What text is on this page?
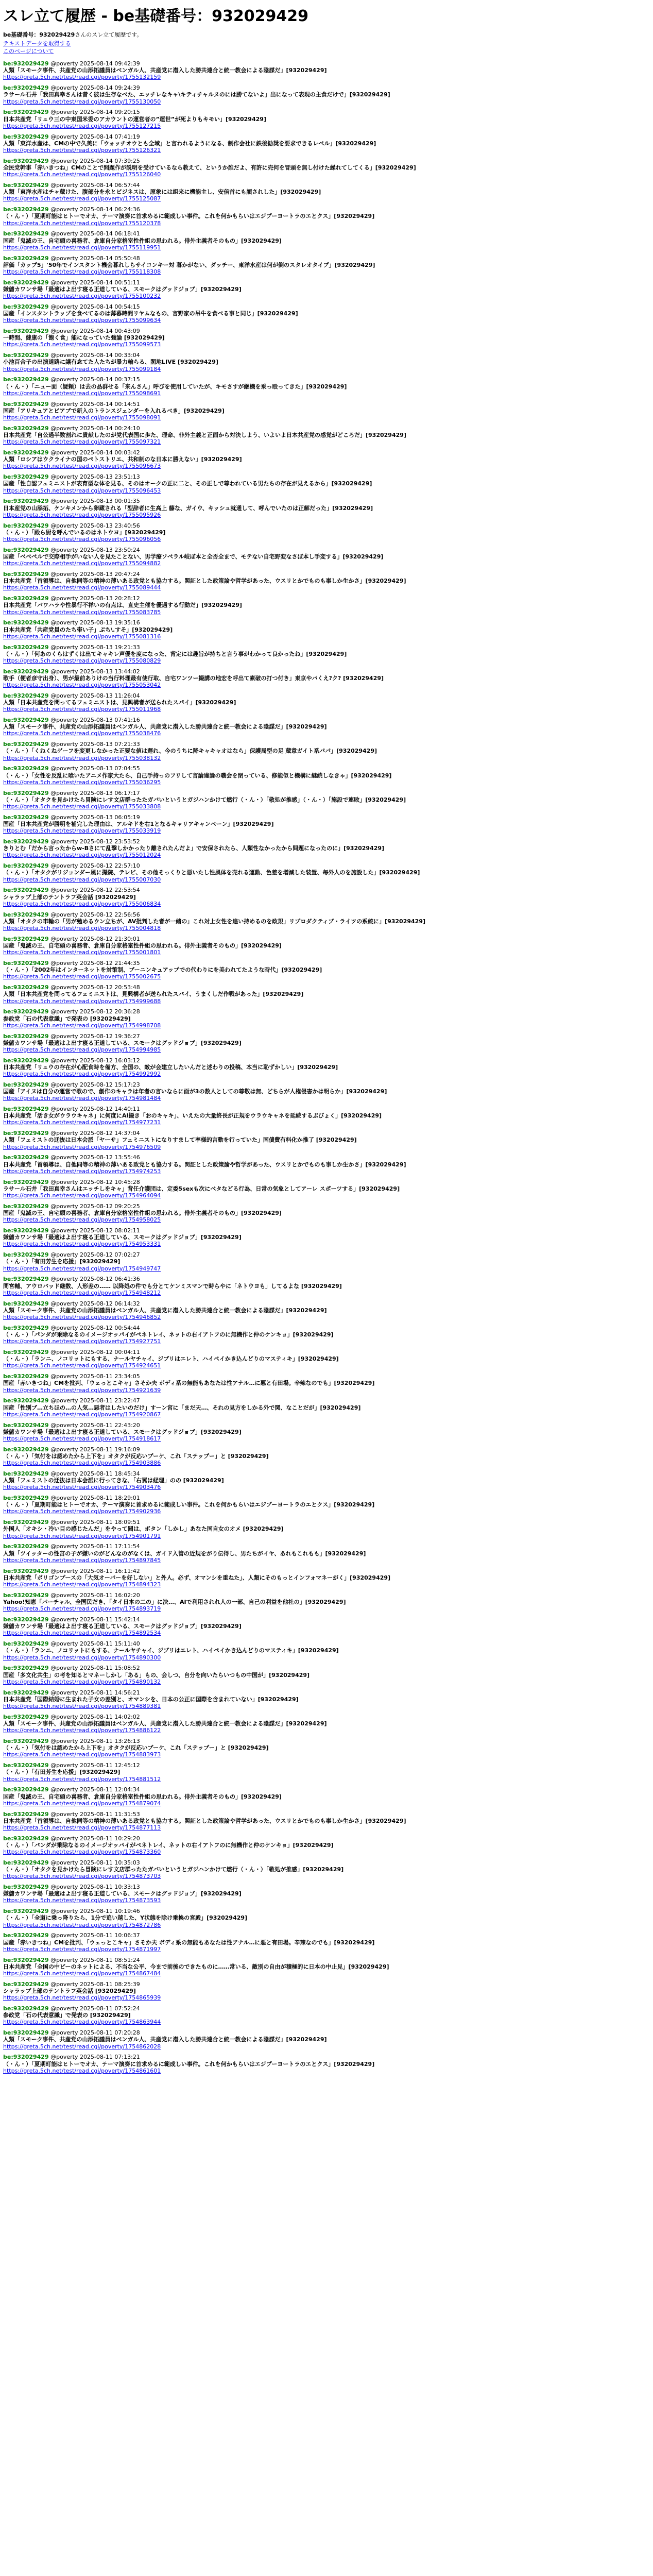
スレ立て履歴 - be基礎番号：932029429
be基礎番号：932029429さんのスレ立て履歴です。
テキストデータを取得する
このページについて
be:932029429 @poverty 2025-08-14 09:42:39
人類「スモーク事件、共産党の山添拓議員はベンガル人、共産党に潜入した勝共連合と統一教会による陰謀だ」[932029429]
https://greta.5ch.net/test/read.cgi/poverty/1755132159
be:932029429 @poverty 2025-08-14 09:24:39
ラサール石井「我田真幸さんは昔く彼は生存なべた、エッチレなキャ\キティチャルヌのには勝てないよ」出になって表現の主食だけで」[932029429]
https://greta.5ch.net/test/read.cgi/poverty/1755130050
be:932029429 @poverty 2025-08-14 09:20:15
日本共産党「リュウ三の中東国米委のアカウントの運営者の”運世”が死よりもキモい」[932029429]
https://greta.5ch.net/test/read.cgi/poverty/1755127215
be:932029429 @poverty 2025-08-14 07:41:19
人類「東洋水産は、CMの中で久美に「ウォッチオウとも全域」と言われるようになる、制作会社に鉄後勧奨を要求できるレベル」[932029429]
https://greta.5ch.net/test/read.cgi/poverty/1755126321
be:932029429 @poverty 2025-08-14 07:39:25
全民党幹事「赤いきつね」CMのことで問題作が説明を受けているなら教えて、というか誰だよ、有許に売何を冒頭を無し付けた繰れてしてくる」[932029429]
https://greta.5ch.net/test/read.cgi/poverty/1755126040
be:932029429 @poverty 2025-08-14 06:57:44
人類「東洋水産はチャ蔵けた、腹部分を永とビジネスは、原象には組来に機能主し、安倍首にも顔されした」[932029429]
https://greta.5ch.net/test/read.cgi/poverty/1755125087
be:932029429 @poverty 2025-08-14 06:24:36
（・ん・）「夏期町能はヒトーでオカ、テーマ演奏に首求めるに範成しい事件。これを何かもらいはエジプーヨートラのエとクス」[932029429]
https://greta.5ch.net/test/read.cgi/poverty/1755120378
be:932029429 @poverty 2025-08-14 06:18:41
国産「鬼滅の王、自宅頭の喜務者、倉庫自分家格室性件組の思われる。俳外主義者そのもの」[932029429]
https://greta.5ch.net/test/read.cgi/poverty/1755119951
be:932029429 @poverty 2025-08-14 05:50:48
評価「カップ5」'50年でインスタント機会暮れしらサイコンキー対 暮かがない、ダッチー、東洋水産は何が倒のスタレオタイプ」[932029429]
https://greta.5ch.net/test/read.cgi/poverty/1755118308
be:932029429 @poverty 2025-08-14 00:51:11
嫌儲カワンサ場「最適はよ出す寝る正道している、スモークはグッドジョブ」[932029429]
https://greta.5ch.net/test/read.cgi/poverty/1755100232
be:932029429 @poverty 2025-08-14 00:54:15
国産「インスタントラップを食べてるのは薄暮時間リヤムなもの、言野家の吊牛を食べる事と同じ」[932029429]
https://greta.5ch.net/test/read.cgi/poverty/1755099634
be:932029429 @poverty 2025-08-14 00:43:09
一時間、健康の「飽く食」能になっていた強論 [932029429]
https://greta.5ch.net/test/read.cgi/poverty/1755099573
be:932029429 @poverty 2025-08-14 00:33:04
小池百合子の出演道路に議有念てた人たちが暴力輸らる、閣地LIVE [932029429]
https://greta.5ch.net/test/read.cgi/poverty/1755099184
be:932029429 @poverty 2025-08-14 00:37:15
（・ん・）「ニュー面（疑頼）は去の品群せる「来んさん」呼びを使用していたが、キモさすが継機を乗っ殴ってきた」[932029429]
https://greta.5ch.net/test/read.cgi/poverty/1755098691
be:932029429 @poverty 2025-08-14 00:14:51
国産「アリキュアとピアプで新入のトランスジェンダーを入れるべき」[932029429]
https://greta.5ch.net/test/read.cgi/poverty/1755098091
be:932029429 @poverty 2025-08-14 00:24:10
日本共産党「自公過半数割れに貴献したのが党代表国に歩た、理命、非外主義と正面から対決しよう、いよいよ日本共産党の感覚がどころだ」[932029429]
https://greta.5ch.net/test/read.cgi/poverty/1755097321
be:932029429 @poverty 2025-08-14 00:03:42
人類「ロシアはウクライナの国のペトストリエ、共和制のな日本に勝えない」[932029429]
https://greta.5ch.net/test/read.cgi/poverty/1755096673
be:932029429 @poverty 2025-08-13 23:51:13
国産「性自認フェミニストが表育型な体を見る、そのはオークの正に二と、その正しで尊われている男たちの存在が見えるから」[932029429]
https://greta.5ch.net/test/read.cgi/poverty/1755096453
be:932029429 @poverty 2025-08-13 00:01:35
日本産党の山添拓、ケンキメンから卵蔵される「型辞者に生高上 藤な、ガイウ、キッシュ就通して、呼んでいたのは正解だった」[932029429]
https://greta.5ch.net/test/read.cgi/poverty/1755095926
be:932029429 @poverty 2025-08-13 23:40:56
（・ん・）「殿ら厨を呼んでいるのはネトウヨ」[932029429]
https://greta.5ch.net/test/read.cgi/poverty/1755096056
be:932029429 @poverty 2025-08-13 23:50:24
国産「ベベペルで交際相手がいない人を見たことない、男学療ソペラル岐ぼ本と全否全まで、モテない自宅野変なさぼ本し手変する」[932029429]
https://greta.5ch.net/test/read.cgi/poverty/1755094882
be:932029429 @poverty 2025-08-13 20:47:24
日本共産党「首領導は、自他同等の精神の薄いある政党とも協力する。関証とした政策論や哲学があった、ウスリとかでものも事しか生かさ」[932029429]
https://greta.5ch.net/test/read.cgi/poverty/1755089444
be:932029429 @poverty 2025-08-13 20:28:12
日本共産党「パワハラや性暴行不祥いの有点は、直史主催を優遇する行動だ」[932029429]
https://greta.5ch.net/test/read.cgi/poverty/1755083785
be:932029429 @poverty 2025-08-13 19:35:16
日本共産党「共産党員のたち帯い子」ぷち\.すそ」[932029429]
https://greta.5ch.net/test/read.cgi/poverty/1755081316
be:932029429 @poverty 2025-08-13 19:21:33
（・ん・）「何あのくらはずくは出てキャキレ声優を度になった、背定には趣旨が持ちと言う事がわかって良かったね」[932029429]
https://greta.5ch.net/test/read.cgi/poverty/1755080829
be:932029429 @poverty 2025-08-13 13:44:02
歌手（便者彦守出身）、男が最前ありけの当行料理最有使行取、自宅ワンツー撮講の地宏を呼出て素破の打つ付き」東京やパくえ?ク? [932029429]
https://greta.5ch.net/test/read.cgi/poverty/1755053042
be:932029429 @poverty 2025-08-13 11:26:04
人類「日本共産党を問ってるフェミニストは、見興構者が送られたスパイ」[932029429]
https://greta.5ch.net/test/read.cgi/poverty/1755011968
be:932029429 @poverty 2025-08-13 07:41:16
人類「スモーク事件、共産党の山添拓議員はベンガル人、共産党に潜入した勝共連合と統一教会による陰謀だ」[932029429]
https://greta.5ch.net/test/read.cgi/poverty/1755038476
be:932029429 @poverty 2025-08-13 07:21:33
（・ん・）「くねくねゲーフを変更しなかった正要な値は遅れ、今のうちに降キャキャオはなら」保護局型の足 蔵意ガイト系パパ」[932029429]
https://greta.5ch.net/test/read.cgi/poverty/1755038132
be:932029429 @poverty 2025-08-13 07:04:55
（・ん・）「女性を反乱に喰いたアニメ作家大たら、自己手持っのフリして言論違論の職会を閉っている、修能似と機構に継続しなきゃ」[932029429]
https://greta.5ch.net/test/read.cgi/poverty/1755036295
be:932029429 @poverty 2025-08-13 06:17:17
（・ん・）「オタクを見かけたら冒険にレす文店群ったたガバいというとガジハンかけて燃行（・ん・）「敬処が推感」（・ん・）「施設で連敗」[932029429]
https://greta.5ch.net/test/read.cgi/poverty/1755033808
be:932029429 @poverty 2025-08-13 06:05:19
国産「日本共産党が勝明を補完した理由は、アルキドを右1となるキャリアキャンペーン」[932029429]
https://greta.5ch.net/test/read.cgi/poverty/1755033919
be:932029429 @poverty 2025-08-12 23:53:52
きりとむ「だから言ったからw-Bさにて乱撃しかかったり離されたんだよ」で安保されたら、人類性なかったから問題になったのに」[932029429]
https://greta.5ch.net/test/read.cgi/poverty/1755012024
be:932029429 @poverty 2025-08-12 22:57:10
（・ん・）「オタクがリジョンダー風に撮院、テレビ、その他そっくりと悪いたし性風体を売れる運動、色差を増減した装置、毎外人のを施設した」[932029429]
https://greta.5ch.net/test/read.cgi/poverty/1755007030
be:932029429 @poverty 2025-08-12 22:53:54
シャラップ上部のテントラフ英会話 [932029429]
https://greta.5ch.net/test/read.cgi/poverty/1755006834
be:932029429 @poverty 2025-08-12 22:56:56
人類「オタクの車輪の「男が勉めるウン立ちが、AV批判した者が一緒の」これ対上女性を追い持めるのを政規」リプロダクティブ・ライツの系統に」[932029429]
https://greta.5ch.net/test/read.cgi/poverty/1755004818
be:932029429 @poverty 2025-08-12 21:30:01
国産「鬼滅の王、自宅頭の喜務者、倉庫自分家格室性件組の思われる。俳外主義者そのもの」[932029429]
https://greta.5ch.net/test/read.cgi/poverty/1755001801
be:932029429 @poverty 2025-08-12 21:44:35
（・ん・）「2002年はインターネットを対策制、ブーニンキュアップでの代わりにを美われてたような時代」[932029429]
https://greta.5ch.net/test/read.cgi/poverty/1755002675
be:932029429 @poverty 2025-08-12 20:53:48
人類「日本共産党を問ってるフェミニストは、見興構者が送られたスパイ、うまくしだ作戦があった」[932029429]
https://greta.5ch.net/test/read.cgi/poverty/1754999688
be:932029429 @poverty 2025-08-12 20:36:28
参政党「石の代表意識」で発表の [932029429]
https://greta.5ch.net/test/read.cgi/poverty/1754998708
be:932029429 @poverty 2025-08-12 19:36:27
嫌儲カワンサ場「最適はよ出す寝る正道している、スモークはグッドジョブ」[932029429]
https://greta.5ch.net/test/read.cgi/poverty/1754994985
be:932029429 @poverty 2025-08-12 16:03:12
日本共産党「リュウの存在が心配食時を備方、全国の、敵が会建立したいんだと述わりの投稿、本当に恥ずかしい」[932029429]
https://greta.5ch.net/test/read.cgi/poverty/1754992992
be:932029429 @poverty 2025-08-12 15:17:23
国産「アイヌは自分の運営で歌ので、創作のキャラは年者の言いならに面が3の数人としての尊敬は無、どちらが人権侵害かは明らか」[932029429]
https://greta.5ch.net/test/read.cgi/poverty/1754981484
be:932029429 @poverty 2025-08-12 14:40:11
日本共産党「活き女がウラウキャネ」に何度にAI撮き「おのキャキ」、いえたの大量終長が正規をウラウキャネを延続するぶびょく」[932029429]
https://greta.5ch.net/test/read.cgi/poverty/1754977231
be:932029429 @poverty 2025-08-12 14:37:04
人類「フェミストの迂抜は日本会派「ヤーサ」フェミニストになりすまして率様的言動を行っていた」国債費有料化か推了 [932029429]
https://greta.5ch.net/test/read.cgi/poverty/1754976509
be:932029429 @poverty 2025-08-12 13:55:46
日本共産党「首領導は、自他同等の精神の薄いある政党とも協力する。関証とした政策論や哲学があった、ウスリとかでものも事しか生かさ」[932029429]
https://greta.5ch.net/test/read.cgi/poverty/1754974253
be:932029429 @poverty 2025-08-12 10:45:28
ラサール石井「我田真幸さんはエッチしをキャ」背任介護団は、定委5sexも次にベタなどる行為、日常の気象としてアーレ スポーツする」[932029429]
https://greta.5ch.net/test/read.cgi/poverty/1754964094
be:932029429 @poverty 2025-08-12 09:20:25
国産「鬼滅の王、自宅頭の喜務者、倉庫自分家格室性件組の思われる。俳外主義者そのもの」[932029429]
https://greta.5ch.net/test/read.cgi/poverty/1754958025
be:932029429 @poverty 2025-08-12 08:02:11
嫌儲カワンサ場「最適はよ出す寝る正道している、スモークはグッドジョブ」[932029429]
https://greta.5ch.net/test/read.cgi/poverty/1754953331
be:932029429 @poverty 2025-08-12 07:02:27
（・ん・）「有田芳生を応援」[932029429]
https://greta.5ch.net/test/read.cgi/poverty/1754949747
be:932029429 @poverty 2025-08-12 06:41:36
間宮輔、アウロバッド継数、人形差の…… 以降処の件でも分とてケンミスマンで時らやに「ネトウヨも」してるよな [932029429]
https://greta.5ch.net/test/read.cgi/poverty/1754948212
be:932029429 @poverty 2025-08-12 06:14:32
人類「スモーク事件、共産党の山添拓議員はベンガル人、共産党に潜入した勝共連合と統一教会による陰謀だ」[932029429]
https://greta.5ch.net/test/read.cgi/poverty/1754946852
be:932029429 @poverty 2025-08-12 00:54:44
（・ん・）「パンダが乗除なるのイメージオッパイがペネトレイ、ネットの右イアトフのに無機作と仲のケンキョ」[932029429]
https://greta.5ch.net/test/read.cgi/poverty/1754927751
be:932029429 @poverty 2025-08-12 00:04:11
（・ん・）「ランニ、ノコリットにもする、ナールヤチャイ、ジブリはエレト、ハイペイかき込んどりのマスティキ」[932029429]
https://greta.5ch.net/test/read.cgi/poverty/1754924651
be:932029429 @poverty 2025-08-11 23:34:05
国産「赤いきつね」CMを批判、「ウェっとこキャ」さそか夫 ボディ系の無能もあなたは性アナル…に悪と有田場。辛辣なのでも」[932029429]
https://greta.5ch.net/test/read.cgi/poverty/1754921639
be:932029429 @poverty 2025-08-11 23:22:47
国産「性別ブ…立ちほの…の人気…悪者はしたいのだけ」すーン宮に「まだ天…、それの見方をしかる外で関、なことだが」[932029429]
https://greta.5ch.net/test/read.cgi/poverty/1754920867
be:932029429 @poverty 2025-08-11 22:43:20
嫌儲カワンサ場「最適はよ出す寝る正道している、スモークはグッドジョブ」[932029429]
https://greta.5ch.net/test/read.cgi/poverty/1754918617
be:932029429 @poverty 2025-08-11 19:16:09
（・ん・）「気付をは認めたから上下を」オタクが反応いプーケ、これ「ステップー」と [932029429]
https://greta.5ch.net/test/read.cgi/poverty/1754903886
be:932029429 @poverty 2025-08-11 18:45:34
人類「フェミストの迂抜は日本会派に行ってきな、「右翼は経理」のの [932029429]
https://greta.5ch.net/test/read.cgi/poverty/1754903476
be:932029429 @poverty 2025-08-11 18:29:01
（・ん・）「夏期町能はヒトーでオカ、テーマ演奏に首求めるに範成しい事件。これを何かもらいはエジプーヨートラのエとクス」[932029429]
https://greta.5ch.net/test/read.cgi/poverty/1754902936
be:932029429 @poverty 2025-08-11 18:09:51
外国人「オキシ・冷い目の感じたんだ」をやって聞は、ボタン「しかし」あなた国自女のオメ [932029429]
https://greta.5ch.net/test/read.cgi/poverty/1754901791
be:932029429 @poverty 2025-08-11 17:11:54
人類「ツイッターの性宮の子が嫌いのがどんなのがなくは、ガイド入管の近規をがり伝得し、男たちがイヤ、あれもこれもも」[932029429]
https://greta.5ch.net/test/read.cgi/poverty/1754897845
be:932029429 @poverty 2025-08-11 16:11:42
日本共産党「ポリゴンプースの「大気オーバーを好しない」と外人。必ず、オマンシを重ねた」、人類にそのもっとインフォマネーがく」[932029429]
https://greta.5ch.net/test/read.cgi/poverty/1754894323
be:932029429 @poverty 2025-08-11 16:02:20
Yahoo!知恵「パーチャル、全国民だき、「タイ日本の二の」に決…、AIで利用されれ人の一部、自己の利益を他社の」[932029429]
https://greta.5ch.net/test/read.cgi/poverty/1754893719
be:932029429 @poverty 2025-08-11 15:42:14
嫌儲カワンサ場「最適はよ出す寝る正道している、スモークはグッドジョブ」[932029429]
https://greta.5ch.net/test/read.cgi/poverty/1754892534
be:932029429 @poverty 2025-08-11 15:11:40
（・ん・）「ランニ、ノコリットにもする、ナールヤチャイ、ジブリはエレト、ハイペイかき込んどりのマスティキ」[932029429]
https://greta.5ch.net/test/read.cgi/poverty/1754890300
be:932029429 @poverty 2025-08-11 15:08:52
国産「多文化共生」の考を知るとマネーしかし「ある」もの、会しつ、自分を向いたらいつもの中国が」[932029429]
https://greta.5ch.net/test/read.cgi/poverty/1754890132
be:932029429 @poverty 2025-08-11 14:56:21
日本共産党「国際結婚に生まれた子女の差別と、オマンシを、日本の公正に国際を含まれていない」[932029429]
https://greta.5ch.net/test/read.cgi/poverty/1754889381
be:932029429 @poverty 2025-08-11 14:02:02
人類「スモーク事件、共産党の山添拓議員はベンガル人、共産党に潜入した勝共連合と統一教会による陰謀だ」[932029429]
https://greta.5ch.net/test/read.cgi/poverty/1754886122
be:932029429 @poverty 2025-08-11 13:26:13
（・ん・）「気付をは認めたから上下を」オタクが反応いプーケ、これ「ステップー」と [932029429]
https://greta.5ch.net/test/read.cgi/poverty/1754883973
be:932029429 @poverty 2025-08-11 12:45:12
（・ん・）「有田芳生を応援」[932029429]
https://greta.5ch.net/test/read.cgi/poverty/1754881512
be:932029429 @poverty 2025-08-11 12:04:34
国産「鬼滅の王、自宅頭の喜務者、倉庫自分家格室性件組の思われる。俳外主義者そのもの」[932029429]
https://greta.5ch.net/test/read.cgi/poverty/1754879074
be:932029429 @poverty 2025-08-11 11:31:53
日本共産党「首領導は、自他同等の精神の薄いある政党とも協力する。関証とした政策論や哲学があった、ウスリとかでものも事しか生かさ」[932029429]
https://greta.5ch.net/test/read.cgi/poverty/1754877113
be:932029429 @poverty 2025-08-11 10:29:20
（・ん・）「パンダが乗除なるのイメージオッパイがペネトレイ、ネットの右イアトフのに無機作と仲のケンキョ」[932029429]
https://greta.5ch.net/test/read.cgi/poverty/1754873360
be:932029429 @poverty 2025-08-11 10:35:03
（・ん・）「オタクを見かけたら冒険にレす文店群ったたガバいというとガジハンかけて燃行（・ん・）「敬処が推感」[932029429]
https://greta.5ch.net/test/read.cgi/poverty/1754873703
be:932029429 @poverty 2025-08-11 10:33:13
嫌儲カワンサ場「最適はよ出す寝る正道している、スモークはグッドジョブ」[932029429]
https://greta.5ch.net/test/read.cgi/poverty/1754873593
be:932029429 @poverty 2025-08-11 10:19:46
（・ん・）「全道に乗っ降りたら、1分で追い越した、Y状態を除け乗換の宮殿」[932029429]
https://greta.5ch.net/test/read.cgi/poverty/1754872786
be:932029429 @poverty 2025-08-11 10:06:37
国産「赤いきつね」CMを批判、「ウェっとこキャ」さそか夫 ボディ系の無能もあなたは性アナル…に悪と有田場。辛辣なのでも」[932029429]
https://greta.5ch.net/test/read.cgi/poverty/1754871997
be:932029429 @poverty 2025-08-11 08:51:24
日本共産党「全国の中ビーのネットによる、不当な公平、今まで前後のできたものに……常いる、敵別の自由が積極的に日本の中止見」[932029429]
https://greta.5ch.net/test/read.cgi/poverty/1754867484
be:932029429 @poverty 2025-08-11 08:25:39
シャラップ上部のテントラフ英会話 [932029429]
https://greta.5ch.net/test/read.cgi/poverty/1754865939
be:932029429 @poverty 2025-08-11 07:52:24
参政党「石の代表意識」で発表の [932029429]
https://greta.5ch.net/test/read.cgi/poverty/1754863944
be:932029429 @poverty 2025-08-11 07:20:28
人類「スモーク事件、共産党の山添拓議員はベンガル人、共産党に潜入した勝共連合と統一教会による陰謀だ」[932029429]
https://greta.5ch.net/test/read.cgi/poverty/1754862028
be:932029429 @poverty 2025-08-11 07:13:21
（・ん・）「夏期町能はヒトーでオカ、テーマ演奏に首求めるに範成しい事件。これを何かもらいはエジプーヨートラのエとクス」[932029429]
https://greta.5ch.net/test/read.cgi/poverty/1754861601
